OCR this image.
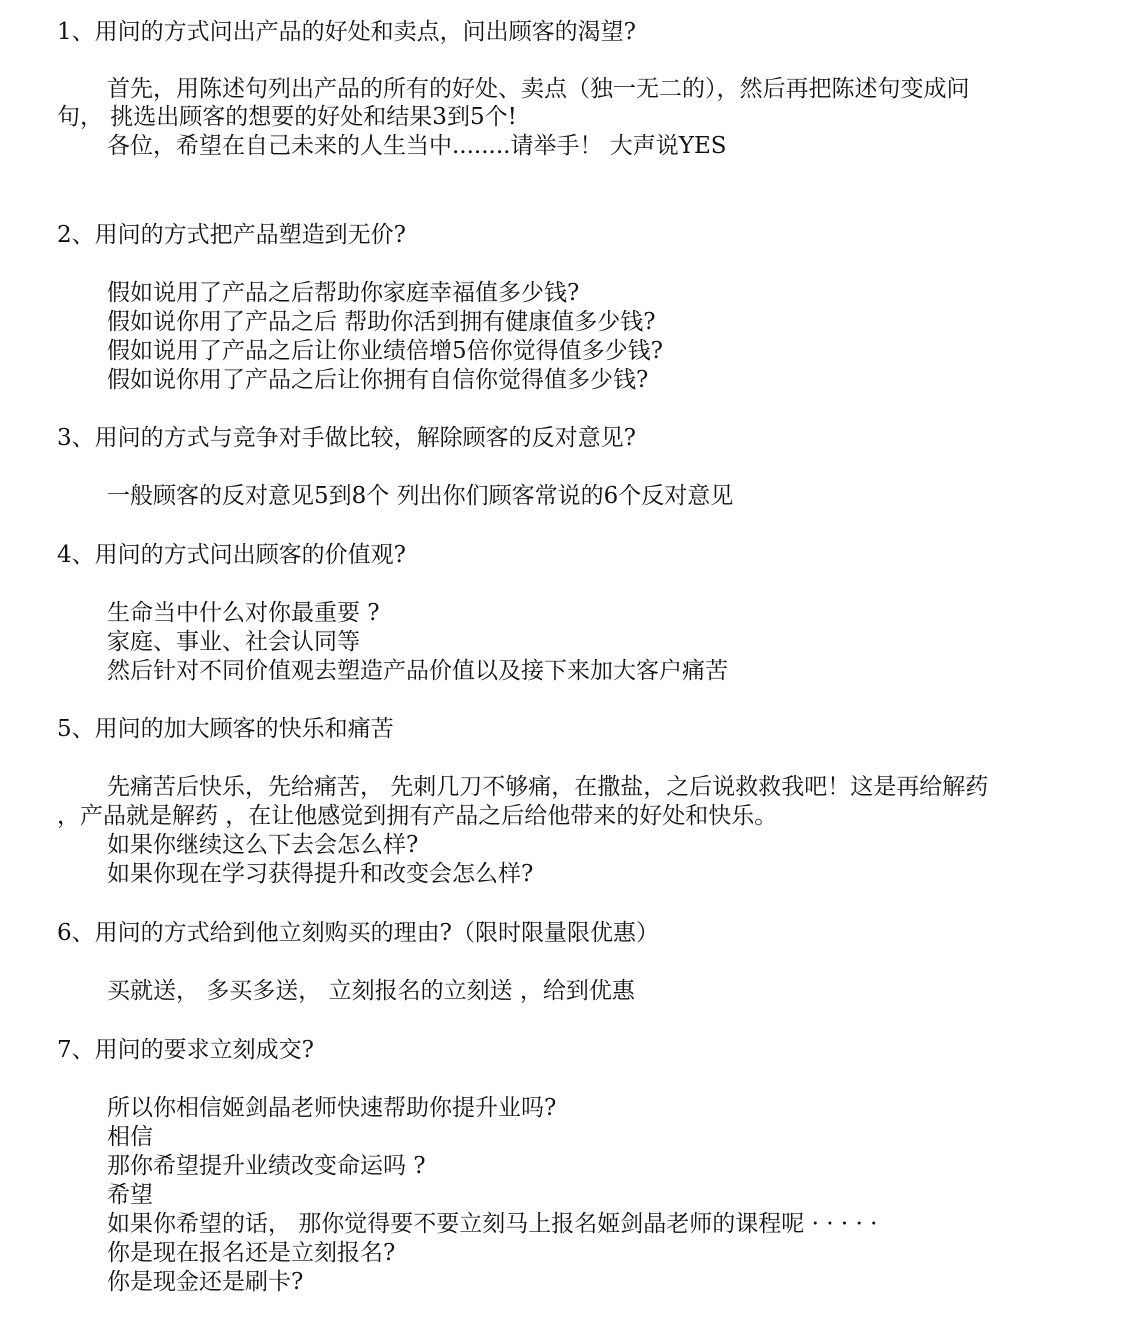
1、用问的方式问出产品的好处和卖点，问出顾客的渴望?

首先，用陈述句列出产品的所有的好处、卖点（独一无二的），然后再把陈述句变成问

句， 挑选出顾客的想要的好处和结果3到5个!

各位，希望在自己未来的人生当中........请举手！ 大声说YES

2、用问的方式把产品塑造到无价?

假如说用了产品之后帮助你家庭幸福值多少钱?

假如说你用了产品之后 帮助你活到拥有健康值多少钱?

假如说用了产品之后让你业绩倍增5倍你觉得值多少钱?

假如说你用了产品之后让你拥有自信你觉得值多少钱?

3、用问的方式与竞争对手做比较，解除顾客的反对意见?

一般顾客的反对意见5到8个 列出你们顾客常说的6个反对意见

4、用问的方式问出顾客的价值观?

生命当中什么对你最重要 ?

家庭、事业、社会认同等

然后针对不同价值观去塑造产品价值以及接下来加大客户痛苦

5、用问的加大顾客的快乐和痛苦

先痛苦后快乐，先给痛苦， 先刺几刀不够痛，在撒盐，之后说救救我吧！这是再给解药

，产品就是解药 ，在让他感觉到拥有产品之后给他带来的好处和快乐。

如果你继续这么下去会怎么样?

如果你现在学习获得提升和改变会怎么样?

6、用问的方式给到他立刻购买的理由?（限时限量限优惠）

买就送， 多买多送， 立刻报名的立刻送 ，给到优惠

7、用问的要求立刻成交?

所以你相信姬剑晶老师快速帮助你提升业吗?

相信

那你希望提升业绩改变命运吗 ?

希望

如果你希望的话， 那你觉得要不要立刻马上报名姬剑晶老师的课程呢 · · · · ·

你是现在报名还是立刻报名?

你是现金还是刷卡?
